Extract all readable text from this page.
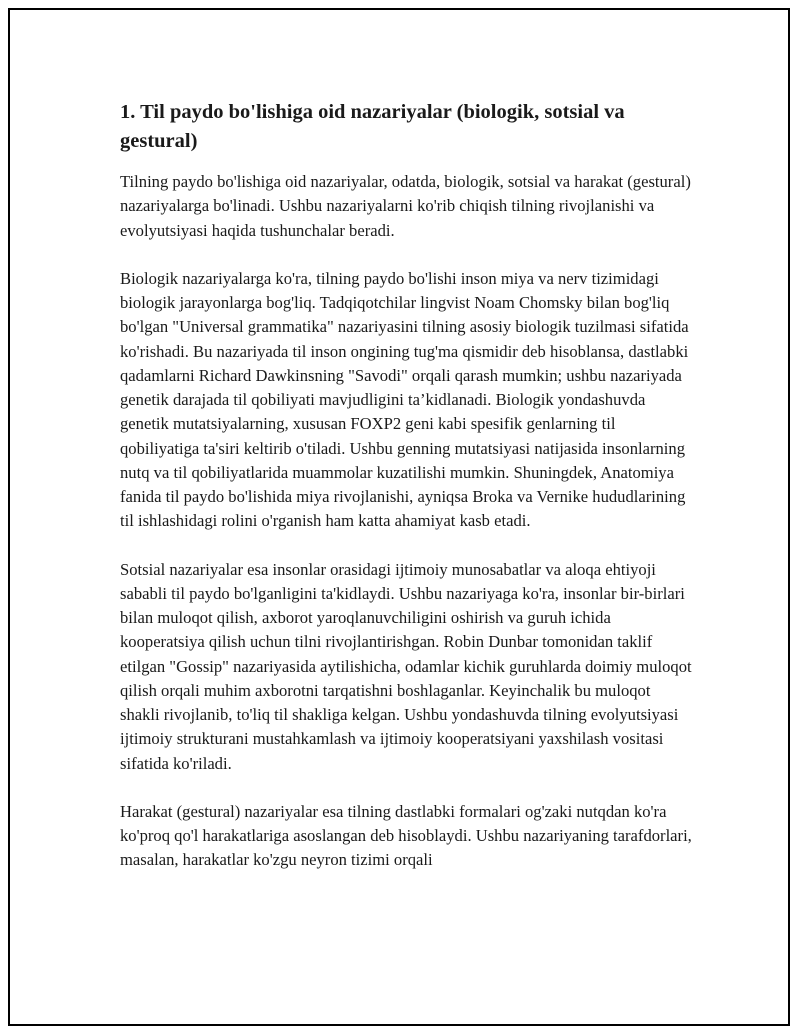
1. Til paydo bo'lishiga oid nazariyalar (biologik, sotsial va gestural)

Tilning paydo bo'lishiga oid nazariyalar, odatda, biologik, sotsial va harakat (gestural) nazariyalarga bo'linadi. Ushbu nazariyalarni ko'rib chiqish tilning rivojlanishi va evolyutsiyasi haqida tushunchalar beradi.

Biologik nazariyalarga ko'ra, tilning paydo bo'lishi inson miya va nerv tizimidagi biologik jarayonlarga bog'liq. Tadqiqotchilar lingvist Noam Chomsky bilan bog'liq bo'lgan "Universal grammatika" nazariyasini tilning asosiy biologik tuzilmasi sifatida ko'rishadi. Bu nazariyada til inson ongining tug'ma qismidir deb hisoblansa, dastlabki qadamlarni Richard Dawkinsning "Savodi" orqali qarash mumkin; ushbu nazariyada genetik darajada til qobiliyati mavjudligini ta’kidlanadi. Biologik yondashuvda genetik mutatsiyalarning, xususan FOXP2 geni kabi spesifik genlarning til qobiliyatiga ta'siri keltirib o'tiladi. Ushbu genning mutatsiyasi natijasida insonlarning nutq va til qobiliyatlarida muammolar kuzatilishi mumkin. Shuningdek, Anatomiya fanida til paydo bo'lishida miya rivojlanishi, ayniqsa Broka va Vernike hududlarining til ishlashidagi rolini o'rganish ham katta ahamiyat kasb etadi.

Sotsial nazariyalar esa insonlar orasidagi ijtimoiy munosabatlar va aloqa ehtiyoji sababli til paydo bo'lganligini ta'kidlaydi. Ushbu nazariyaga ko'ra, insonlar bir-birlari bilan muloqot qilish, axborot yaroqlanuvchiligini oshirish va guruh ichida kooperatsiya qilish uchun tilni rivojlantirishgan. Robin Dunbar tomonidan taklif etilgan "Gossip" nazariyasida aytilishicha, odamlar kichik guruhlarda doimiy muloqot qilish orqali muhim axborotni tarqatishni boshlaganlar. Keyinchalik bu muloqot shakli rivojlanib, to'liq til shakliga kelgan. Ushbu yondashuvda tilning evolyutsiyasi ijtimoiy strukturani mustahkamlash va ijtimoiy kooperatsiyani yaxshilash vositasi sifatida ko'riladi.

Harakat (gestural) nazariyalar esa tilning dastlabki formalari og'zaki nutqdan ko'ra ko'proq qo'l harakatlariga asoslangan deb hisoblaydi. Ushbu nazariyaning tarafdorlari, masalan, harakatlar ko'zgu neyron tizimi orqali
